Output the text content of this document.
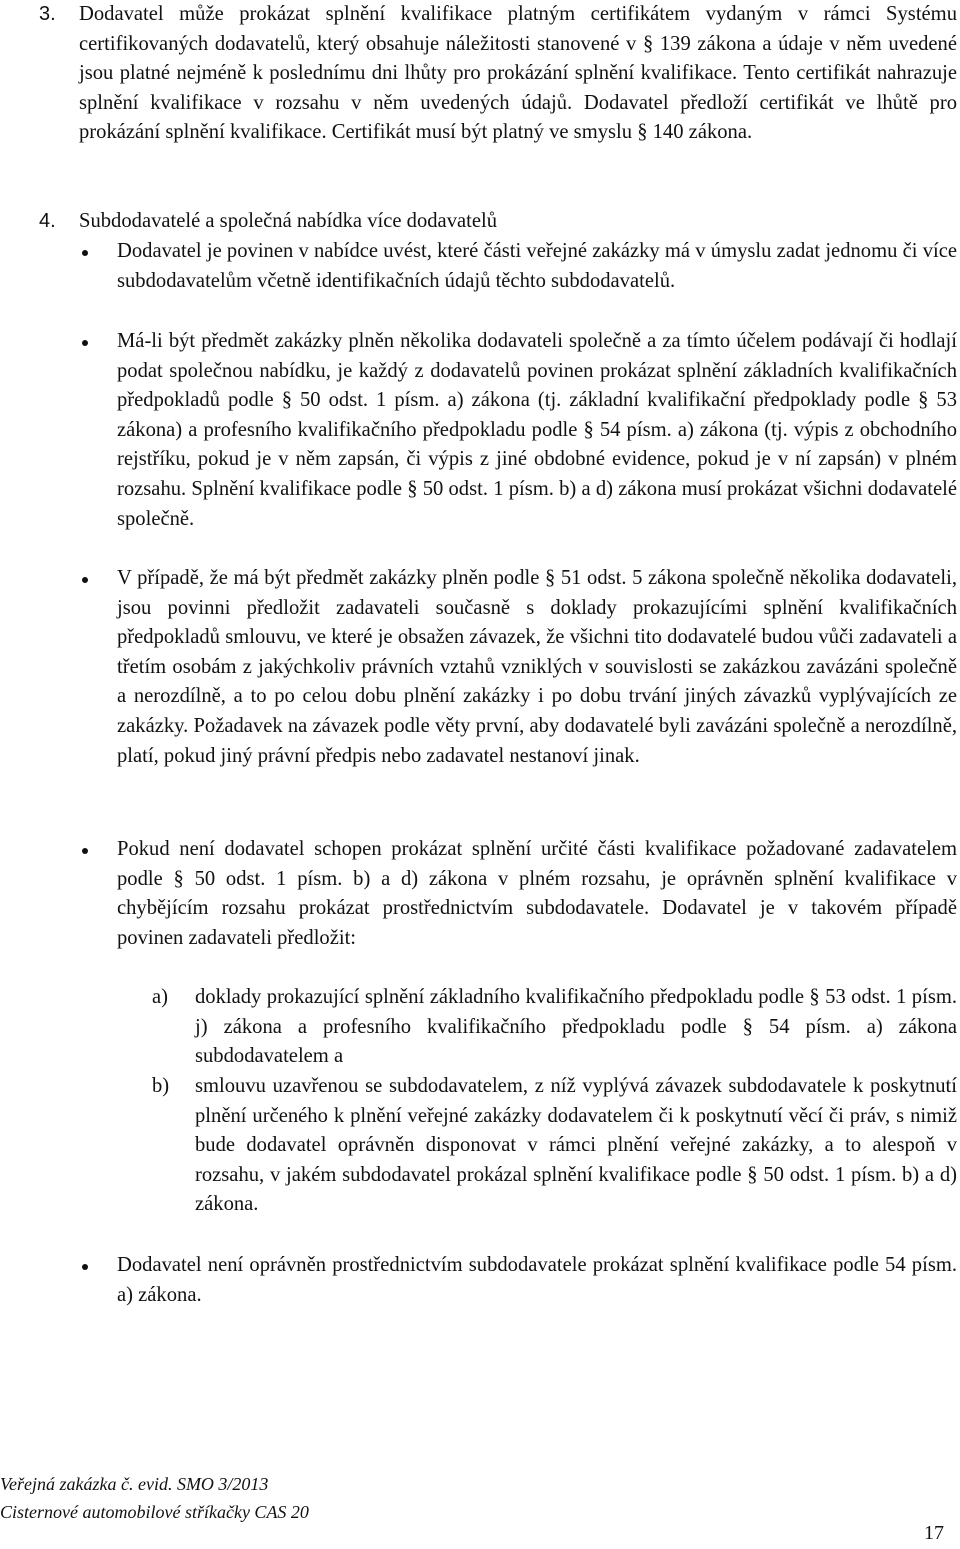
3. Dodavatel může prokázat splnění kvalifikace platným certifikátem vydaným v rámci Systému certifikovaných dodavatelů, který obsahuje náležitosti stanovené v § 139 zákona a údaje v něm uvedené jsou platné nejméně k poslednímu dni lhůty pro prokázání splnění kvalifikace. Tento certifikát nahrazuje splnění kvalifikace v rozsahu v něm uvedených údajů. Dodavatel předloží certifikát ve lhůtě pro prokázání splnění kvalifikace. Certifikát musí být platný ve smyslu § 140 zákona.
4. Subdodavatelé a společná nabídka více dodavatelů
Dodavatel je povinen v nabídce uvést, které části veřejné zakázky má v úmyslu zadat jednomu či více subdodavatelům včetně identifikačních údajů těchto subdodavatelů.
Má-li být předmět zakázky plněn několika dodavateli společně a za tímto účelem podávají či hodlají podat společnou nabídku, je každý z dodavatelů povinen prokázat splnění základních kvalifikačních předpokladů podle § 50 odst. 1 písm. a) zákona (tj. základní kvalifikační předpoklady podle § 53 zákona) a profesního kvalifikačního předpokladu podle § 54 písm. a) zákona (tj. výpis z obchodního rejstříku, pokud je v něm zapsán, či výpis z jiné obdobné evidence, pokud je v ní zapsán) v plném rozsahu. Splnění kvalifikace podle § 50 odst. 1 písm. b) a d) zákona musí prokázat všichni dodavatelé společně.
V případě, že má být předmět zakázky plněn podle § 51 odst. 5 zákona společně několika dodavateli, jsou povinni předložit zadavateli současně s doklady prokazujícími splnění kvalifikačních předpokladů smlouvu, ve které je obsažen závazek, že všichni tito dodavatelé budou vůči zadavateli a třetím osobám z jakýchkoliv právních vztahů vzniklých v souvislosti se zakázkou zavázáni společně a nerozdílně, a to po celou dobu plnění zakázky i po dobu trvání jiných závazků vyplývajících ze zakázky. Požadavek na závazek podle věty první, aby dodavatelé byli zavázáni společně a nerozdílně, platí, pokud jiný právní předpis nebo zadavatel nestanoví jinak.
Pokud není dodavatel schopen prokázat splnění určité části kvalifikace požadované zadavatelem podle § 50 odst. 1 písm. b) a d) zákona v plném rozsahu, je oprávněn splnění kvalifikace v chybějícím rozsahu prokázat prostřednictvím subdodavatele. Dodavatel je v takovém případě povinen zadavateli předložit:
a) doklady prokazující splnění základního kvalifikačního předpokladu podle § 53 odst. 1 písm. j) zákona a profesního kvalifikačního předpokladu podle § 54 písm. a) zákona subdodavatelem a
b) smlouvu uzavřenou se subdodavatelem, z níž vyplývá závazek subdodavatele k poskytnutí plnění určeného k plnění veřejné zakázky dodavatelem či k poskytnutí věcí či práv, s nimiž bude dodavatel oprávněn disponovat v rámci plnění veřejné zakázky, a to alespoň v rozsahu, v jakém subdodavatel prokázal splnění kvalifikace podle § 50 odst. 1 písm. b) a d) zákona.
Dodavatel není oprávněn prostřednictvím subdodavatele prokázat splnění kvalifikace podle 54 písm. a) zákona.
Veřejná zakázka č. evid. SMO 3/2013
Cisternové automobilové stříkačky CAS 20
17
